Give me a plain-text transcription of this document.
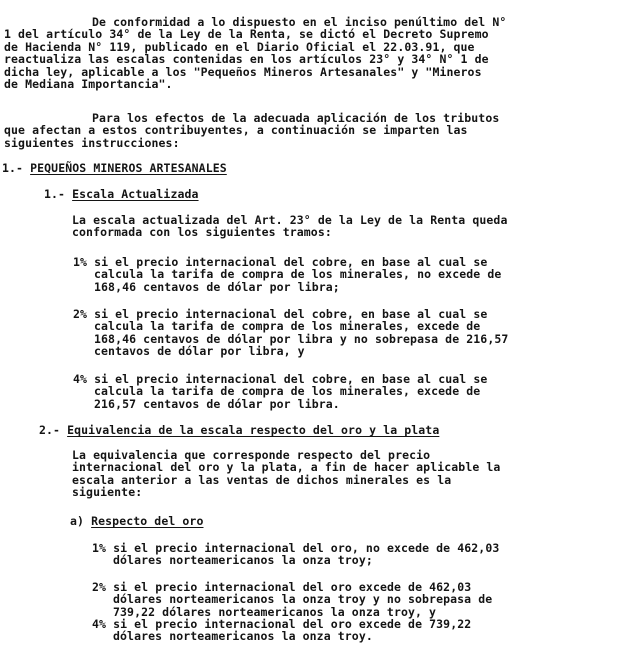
De conformidad a lo dispuesto en el inciso penúltimo del N°
1 del artículo 34° de la Ley de la Renta, se dictó el Decreto Supremo
de Hacienda N° 119, publicado en el Diario Oficial el 22.03.91, que
reactualiza las escalas contenidas en los artículos 23° y 34° N° 1 de
dicha ley, aplicable a los "Pequeños Mineros Artesanales" y "Mineros
de Mediana Importancia".
Para los efectos de la adecuada aplicación de los tributos
que afectan a estos contribuyentes, a continuación se imparten las
siguientes instrucciones:
1.- PEQUEÑOS MINEROS ARTESANALES
1.- Escala Actualizada
La escala actualizada del Art. 23° de la Ley de la Renta queda
conformada con los siguientes tramos:
1% si el precio internacional del cobre, en base al cual se
calcula la tarifa de compra de los minerales, no excede de
168,46 centavos de dólar por libra;
2% si el precio internacional del cobre, en base al cual se
calcula la tarifa de compra de los minerales, excede de
168,46 centavos de dólar por libra y no sobrepasa de 216,57
centavos de dólar por libra, y
4% si el precio internacional del cobre, en base al cual se
calcula la tarifa de compra de los minerales, excede de
216,57 centavos de dólar por libra.
2.- Equivalencia de la escala respecto del oro y la plata
La equivalencia que corresponde respecto del precio
internacional del oro y la plata, a fin de hacer aplicable la
escala anterior a las ventas de dichos minerales es la
siguiente:
a) Respecto del oro
1% si el precio internacional del oro, no excede de 462,03
dólares norteamericanos la onza troy;
2% si el precio internacional del oro excede de 462,03
dólares norteamericanos la onza troy y no sobrepasa de
739,22 dólares norteamericanos la onza troy, y
4% si el precio internacional del oro excede de 739,22
dólares norteamericanos la onza troy.
